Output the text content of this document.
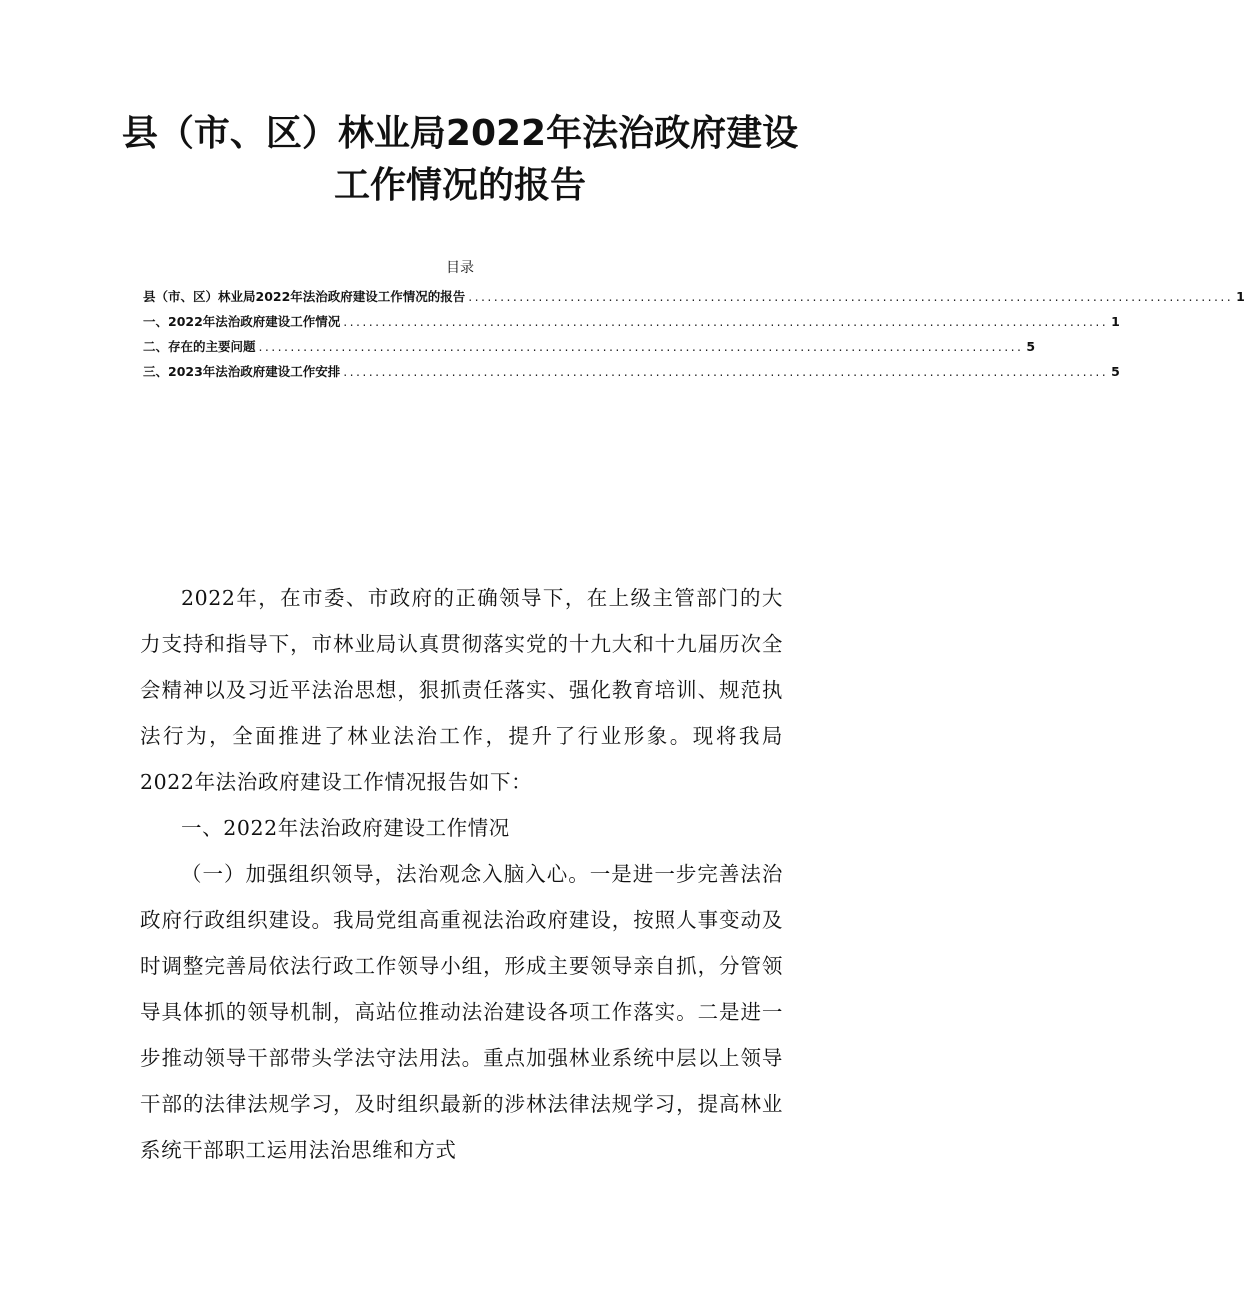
县（市、区）林业局2022年法治政府建设
工作情况的报告
目录
县（市、区）林业局2022年法治政府建设工作情况的报告 ........................................................................................................................ 1
一、2022年法治政府建设工作情况 ........................................................................................................................ 1
二、存在的主要问题 ........................................................................................................................ 5
三、2023年法治政府建设工作安排 ........................................................................................................................ 5

2022年，在市委、市政府的正确领导下，在上级主管部门的大力支持和指导下，市林业局认真贯彻落实党的十九大和十九届历次全会精神以及习近平法治思想，狠抓责任落实、强化教育培训、规范执法行为，全面推进了林业法治工作，提升了行业形象。现将我局2022年法治政府建设工作情况报告如下：

一、2022年法治政府建设工作情况

（一）加强组织领导，法治观念入脑入心。一是进一步完善法治政府行政组织建设。我局党组高重视法治政府建设，按照人事变动及时调整完善局依法行政工作领导小组，形成主要领导亲自抓，分管领导具体抓的领导机制，高站位推动法治建设各项工作落实。二是进一步推动领导干部带头学法守法用法。重点加强林业系统中层以上领导干部的法律法规学习，及时组织最新的涉林法律法规学习，提高林业系统干部职工运用法治思维和方式
